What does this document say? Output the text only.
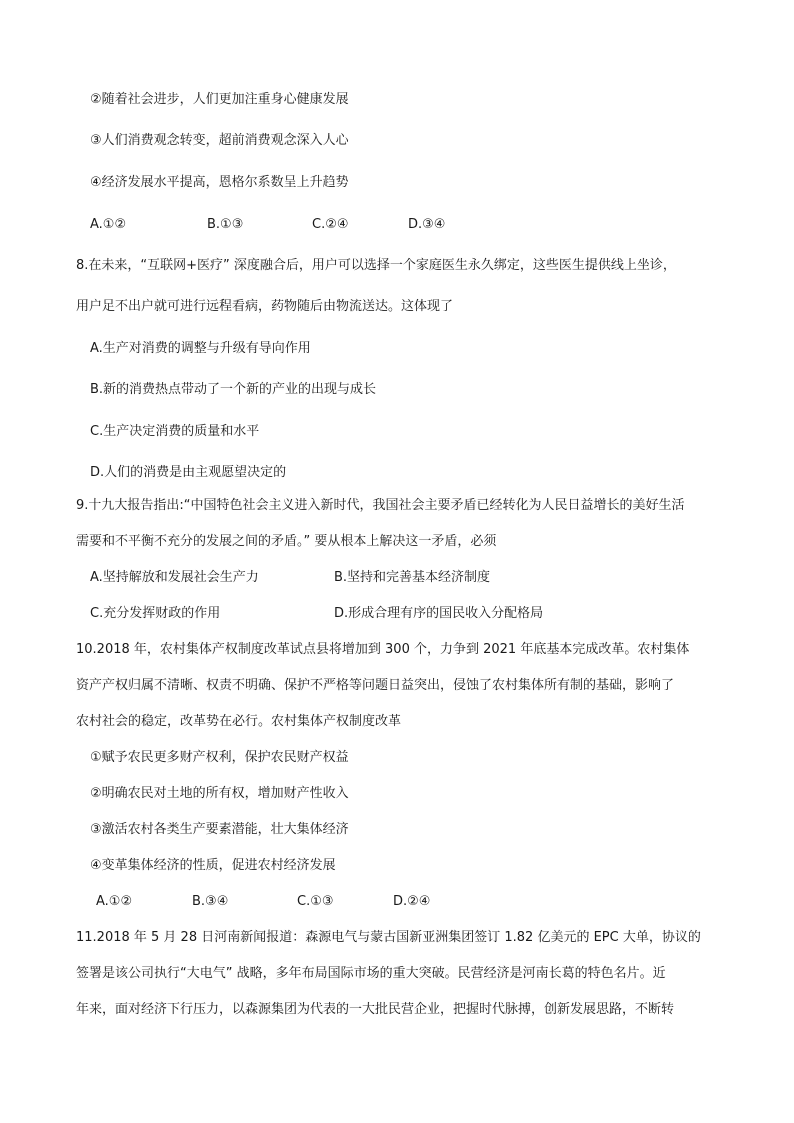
②随着社会进步，人们更加注重身心健康发展
③人们消费观念转变，超前消费观念深入人心
④经济发展水平提高，恩格尔系数呈上升趋势
A.①②	B.①③	C.②④	D.③④
8.在未来，“互联网+医疗” 深度融合后，用户可以选择一个家庭医生永久绑定，这些医生提供线上坐诊，
用户足不出户就可进行远程看病，药物随后由物流送达。这体现了
A.生产对消费的调整与升级有导向作用
B.新的消费热点带动了一个新的产业的出现与成长
C.生产决定消费的质量和水平
D.人们的消费是由主观愿望决定的
9.十九大报告指出:“中国特色社会主义进入新时代，我国社会主要矛盾已经转化为人民日益增长的美好生活
需要和不平衡不充分的发展之间的矛盾。” 要从根本上解决这一矛盾，必须
A.坚持解放和发展社会生产力	B.坚持和完善基本经济制度
C.充分发挥财政的作用	D.形成合理有序的国民收入分配格局
10.2018 年，农村集体产权制度改革试点县将增加到 300 个，力争到 2021 年底基本完成改革。农村集体
资产产权归属不清晰、权责不明确、保护不严格等问题日益突出，侵蚀了农村集体所有制的基础，影响了
农村社会的稳定，改革势在必行。农村集体产权制度改革
①赋予农民更多财产权利，保护农民财产权益
②明确农民对土地的所有权，增加财产性收入
③激活农村各类生产要素潜能，壮大集体经济
④变革集体经济的性质，促进农村经济发展
A.①②	B.③④	C.①③	D.②④
11.2018 年 5 月 28 日河南新闻报道：森源电气与蒙古国新亚洲集团签订 1.82 亿美元的 EPC 大单，协议的
签署是该公司执行“大电气” 战略，多年布局国际市场的重大突破。民营经济是河南长葛的特色名片。近
年来，面对经济下行压力，以森源集团为代表的一大批民营企业，把握时代脉搏，创新发展思路，不断转
